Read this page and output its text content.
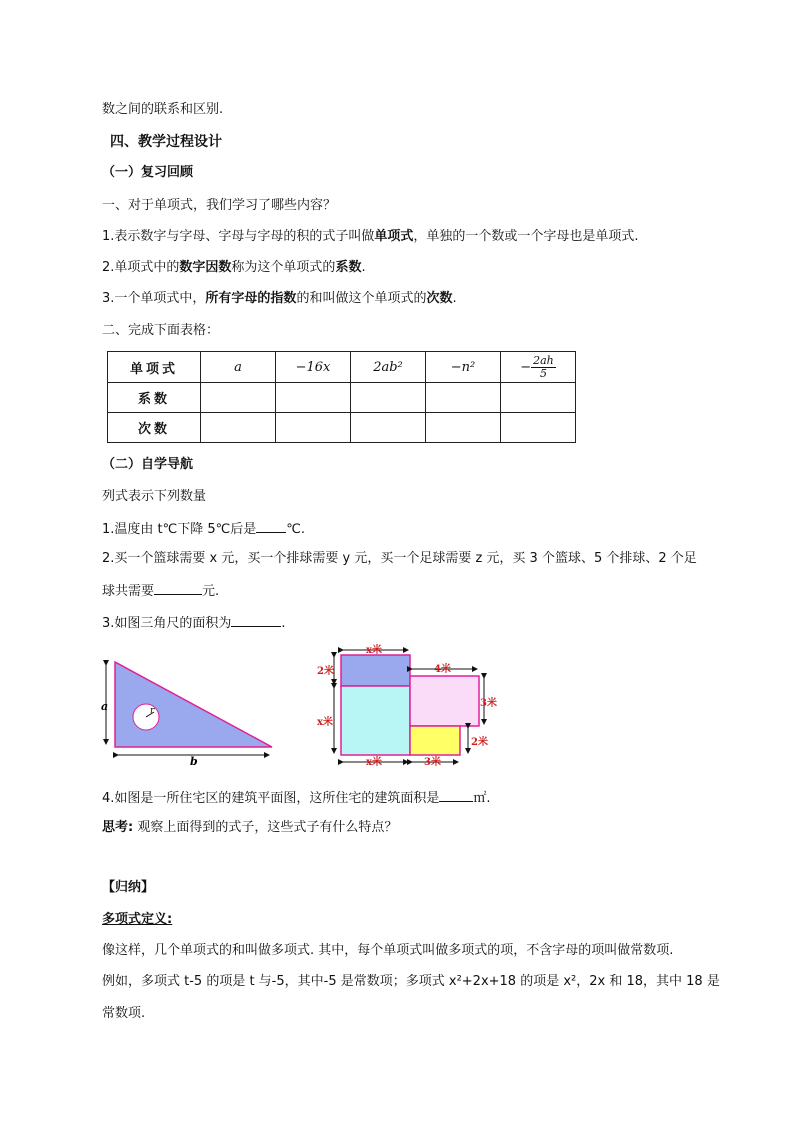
数之间的联系和区别.
四、教学过程设计
（一）复习回顾
一、对于单项式，我们学习了哪些内容？
1.表示数字与字母、字母与字母的积的式子叫做单项式，单独的一个数或一个字母也是单项式.
2.单项式中的数字因数称为这个单项式的系数.
3.一个单项式中，所有字母的指数的和叫做这个单项式的次数.
二、完成下面表格：
单项式	a	−16x	2ab²	−n²	− $\frac{2ah}{5}$

系数					
次数					
（二）自学导航
列式表示下列数量
1.温度由 t℃下降 5℃后是 ℃.
2.买一个篮球需要 x 元，买一个排球需要 y 元，买一个足球需要 z 元，买 3 个篮球、5 个排球、2 个足
球共需要	元.
3.如图三角尺的面积为	.
r
a
b
x米
2米
x米
4米
3米
2米
x米	3米
4.如图是一所住宅区的建筑平面图，这所住宅的建筑面积是	㎡.
思考: 观察上面得到的式子，这些式子有什么特点？
【归纳】
多项式定义:
像这样，几个单项式的和叫做多项式. 其中，每个单项式叫做多项式的项，不含字母的项叫做常数项.
例如，多项式 t-5 的项是 t 与-5，其中-5 是常数项；多项式 x²+2x+18 的项是 x²，2x 和 18，其中 18 是
常数项.
